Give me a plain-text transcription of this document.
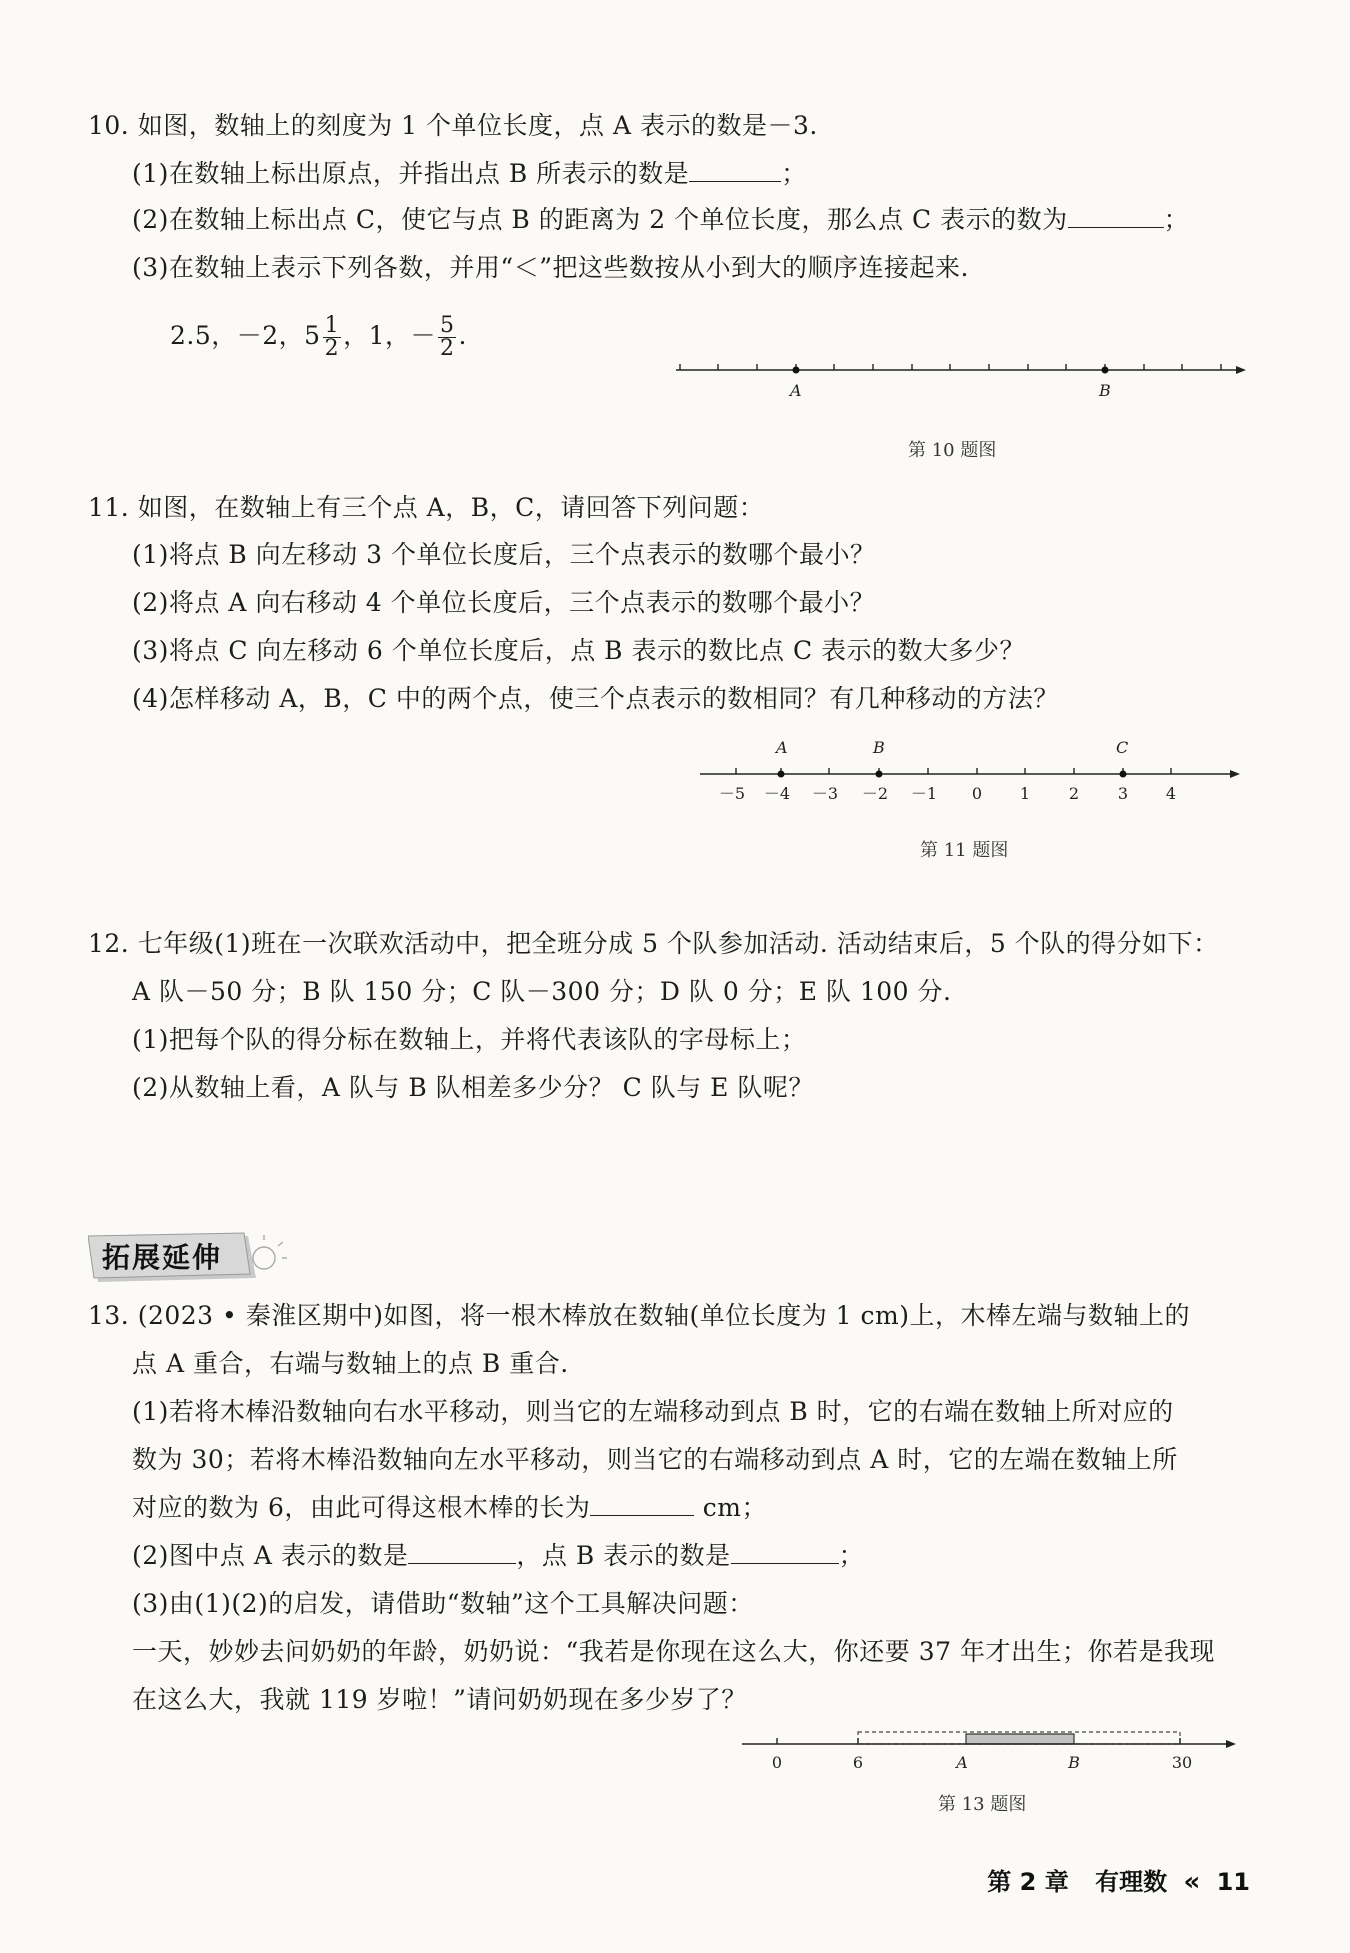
10. 如图，数轴上的刻度为 1 个单位长度，点 A 表示的数是－3.
(1)在数轴上标出原点，并指出点 B 所表示的数是	；
(2)在数轴上标出点 C，使它与点 B 的距离为 2 个单位长度，那么点 C 表示的数为	；
(3)在数轴上表示下列各数，并用“＜”把这些数按从小到大的顺序连接起来.
2.5，－2，$5 \frac{1}{2}$ ，1，－ $\frac{5}{2}$ .
A	B
第 10 题图
11. 如图，在数轴上有三个点 A，B，C，请回答下列问题：
(1)将点 B 向左移动 3 个单位长度后，三个点表示的数哪个最小？
(2)将点 A 向右移动 4 个单位长度后，三个点表示的数哪个最小？
(3)将点 C 向左移动 6 个单位长度后，点 B 表示的数比点 C 表示的数大多少？
(4)怎样移动 A，B，C 中的两个点，使三个点表示的数相同？有几种移动的方法？
A	B	C
－5 －4 －3 －2 －1 0 1 2 3 4
第 11 题图
12. 七年级(1)班在一次联欢活动中，把全班分成 5 个队参加活动. 活动结束后，5 个队的得分如下：
A 队－50 分；B 队 150 分；C 队－300 分；D 队 0 分；E 队 100 分.
(1)把每个队的得分标在数轴上，并将代表该队的字母标上；
(2)从数轴上看，A 队与 B 队相差多少分？ C 队与 E 队呢？
拓展延伸
13. (2023 • 秦淮区期中)如图，将一根木棒放在数轴(单位长度为 1 cm)上，木棒左端与数轴上的
点 A 重合，右端与数轴上的点 B 重合.
(1)若将木棒沿数轴向右水平移动，则当它的左端移动到点 B 时，它的右端在数轴上所对应的
数为 30；若将木棒沿数轴向左水平移动，则当它的右端移动到点 A 时，它的左端在数轴上所
对应的数为 6，由此可得这根木棒的长为	cm；
(2)图中点 A 表示的数是	，点 B 表示的数是	；
(3)由(1)(2)的启发，请借助“数轴”这个工具解决问题：
一天，妙妙去问奶奶的年龄，奶奶说：“我若是你现在这么大，你还要 37 年才出生；你若是我现
在这么大，我就 119 岁啦！”请问奶奶现在多少岁了？
0	6	A	B	30
第 13 题图
第 2 章 有理数 « 11
